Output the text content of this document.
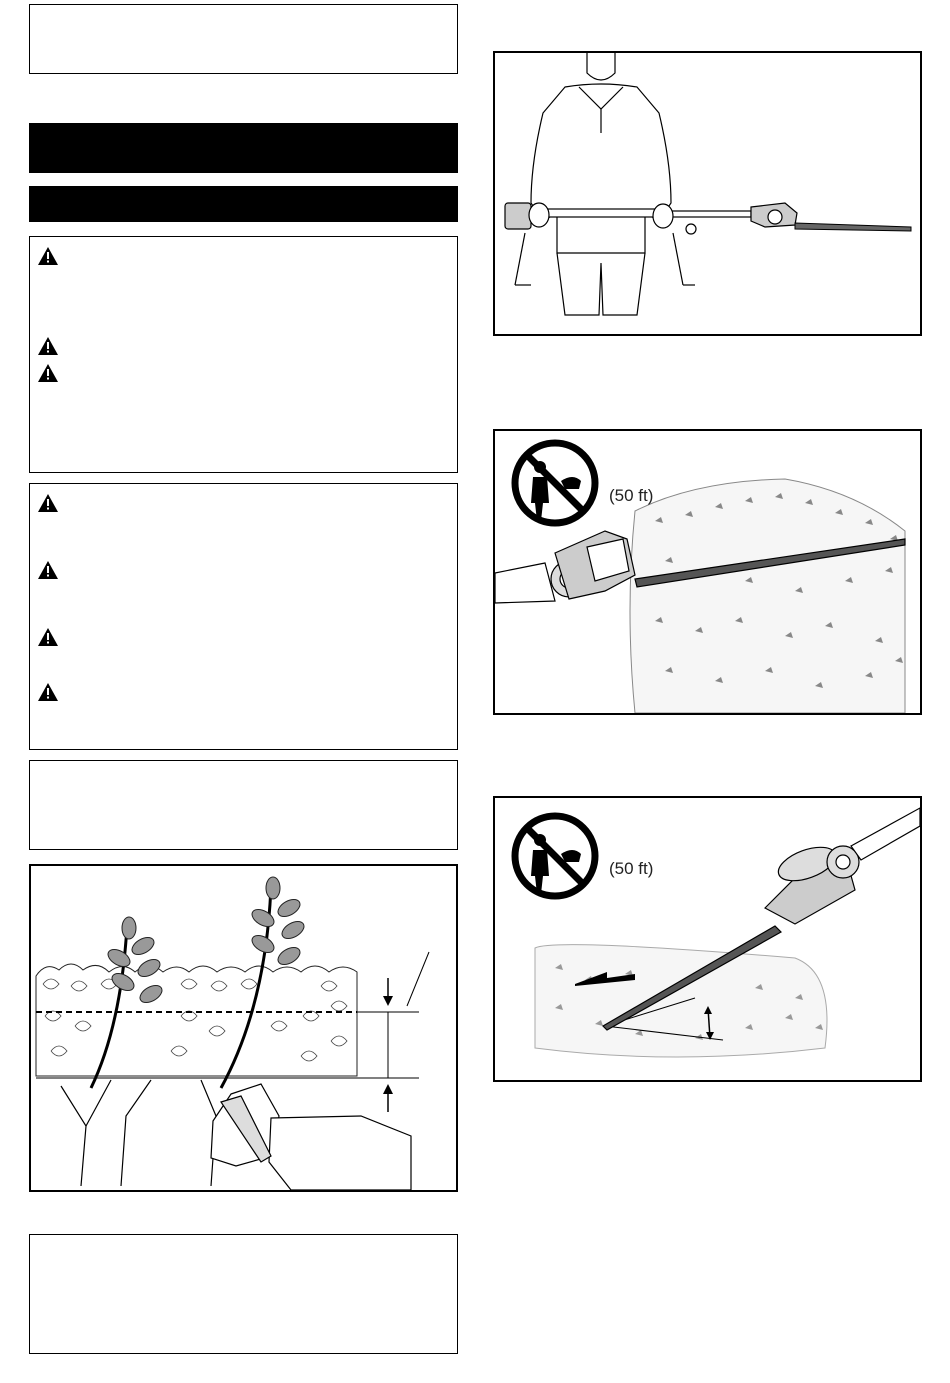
(50 ft)
(50 ft)
